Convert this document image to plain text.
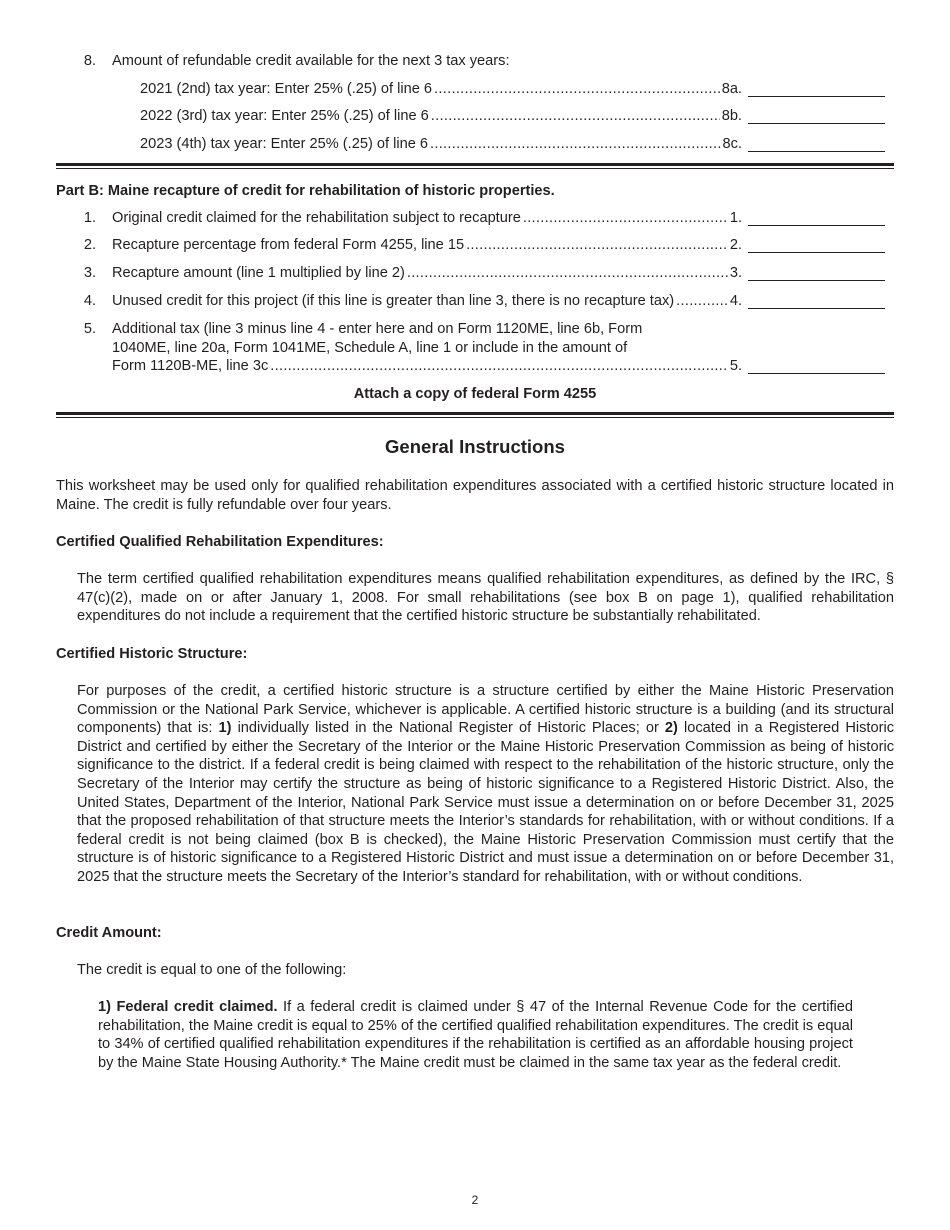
8. Amount of refundable credit available for the next 3 tax years:
2021 (2nd) tax year: Enter 25% (.25) of line 6 .....	8a.
2022 (3rd) tax year: Enter 25% (.25) of line 6 .....	8b.
2023 (4th) tax year: Enter 25% (.25) of line 6 .....	8c.
Part B: Maine recapture of credit for rehabilitation of historic properties.
1. Original credit claimed for the rehabilitation subject to recapture .....	1.
2. Recapture percentage from federal Form 4255, line 15 .....	2.
3. Recapture amount (line 1 multiplied by line 2) .....	3.
4. Unused credit for this project (if this line is greater than line 3, there is no recapture tax) .....	4.
5. Additional tax (line 3 minus line 4 - enter here and on Form 1120ME, line 6b, Form
1040ME, line 20a, Form 1041ME, Schedule A, line 1 or include in the amount of
Form 1120B-ME, line 3c .....	5.
Attach a copy of federal Form 4255
General Instructions
This worksheet may be used only for qualified rehabilitation expenditures associated with a certified historic structure located in Maine. The credit is fully refundable over four years.
Certified Qualified Rehabilitation Expenditures:
The term certified qualified rehabilitation expenditures means qualified rehabilitation expenditures, as defined by the IRC, § 47(c)(2), made on or after January 1, 2008. For small rehabilitations (see box B on page 1), qualified rehabilitation expenditures do not include a requirement that the certified historic structure be substantially rehabilitated.
Certified Historic Structure:
For purposes of the credit, a certified historic structure is a structure certified by either the Maine Historic Preservation Commission or the National Park Service, whichever is applicable. A certified historic structure is a building (and its structural components) that is: 1) individually listed in the National Register of Historic Places; or 2) located in a Registered Historic District and certified by either the Secretary of the Interior or the Maine Historic Preservation Commission as being of historic significance to the district. If a federal credit is being claimed with respect to the rehabilitation of the historic structure, only the Secretary of the Interior may certify the structure as being of historic significance to a Registered Historic District. Also, the United States, Department of the Interior, National Park Service must issue a determination on or before December 31, 2025 that the proposed rehabilitation of that structure meets the Interior’s standards for rehabilitation, with or without conditions. If a federal credit is not being claimed (box B is checked), the Maine Historic Preservation Commission must certify that the structure is of historic significance to a Registered Historic District and must issue a determination on or before December 31, 2025 that the structure meets the Secretary of the Interior’s standard for rehabilitation, with or without conditions.
Credit Amount:
The credit is equal to one of the following:
1) Federal credit claimed. If a federal credit is claimed under § 47 of the Internal Revenue Code for the certified rehabilitation, the Maine credit is equal to 25% of the certified qualified rehabilitation expenditures. The credit is equal to 34% of certified qualified rehabilitation expenditures if the rehabilitation is certified as an affordable housing project by the Maine State Housing Authority.* The Maine credit must be claimed in the same tax year as the federal credit.
2
